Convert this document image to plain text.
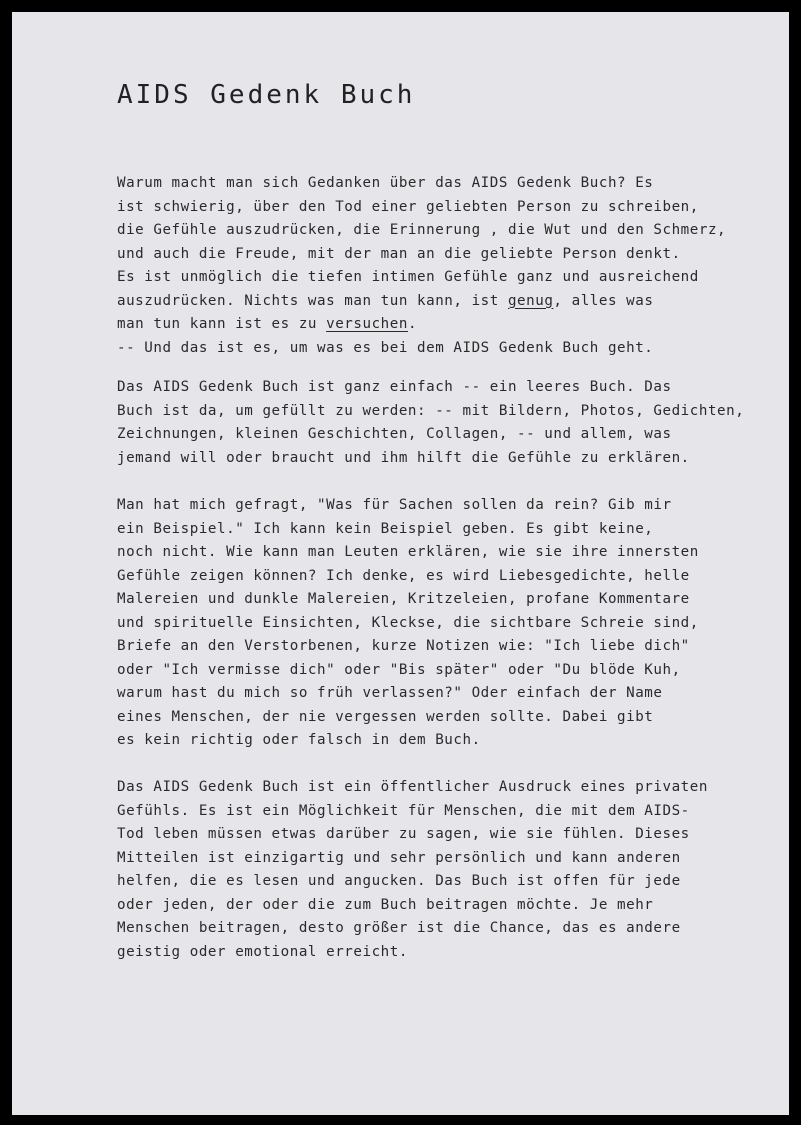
AIDS Gedenk Buch
Warum macht man sich Gedanken über das AIDS Gedenk Buch? Es
ist schwierig, über den Tod einer geliebten Person zu schreiben,
die Gefühle auszudrücken, die Erinnerung , die Wut und den Schmerz,
und auch die Freude, mit der man an die geliebte Person denkt.
Es ist unmöglich die tiefen intimen Gefühle ganz und ausreichend
auszudrücken. Nichts was man tun kann, ist genug, alles was
man tun kann ist es zu versuchen.
-- Und das ist es, um was es bei dem AIDS Gedenk Buch geht.
Das AIDS Gedenk Buch ist ganz einfach -- ein leeres Buch. Das
Buch ist da, um gefüllt zu werden: -- mit Bildern, Photos, Gedichten,
Zeichnungen, kleinen Geschichten, Collagen, -- und allem, was
jemand will oder braucht und ihm hilft die Gefühle zu erklären.
Man hat mich gefragt, "Was für Sachen sollen da rein? Gib mir
ein Beispiel." Ich kann kein Beispiel geben. Es gibt keine,
noch nicht. Wie kann man Leuten erklären, wie sie ihre innersten
Gefühle zeigen können? Ich denke, es wird Liebesgedichte, helle
Malereien und dunkle Malereien, Kritzeleien, profane Kommentare
und spirituelle Einsichten, Kleckse, die sichtbare Schreie sind,
Briefe an den Verstorbenen, kurze Notizen wie: "Ich liebe dich"
oder "Ich vermisse dich" oder "Bis später" oder "Du blöde Kuh,
warum hast du mich so früh verlassen?" Oder einfach der Name
eines Menschen, der nie vergessen werden sollte. Dabei gibt
es kein richtig oder falsch in dem Buch.
Das AIDS Gedenk Buch ist ein öffentlicher Ausdruck eines privaten
Gefühls. Es ist ein Möglichkeit für Menschen, die mit dem AIDS-
Tod leben müssen etwas darüber zu sagen, wie sie fühlen. Dieses
Mitteilen ist einzigartig und sehr persönlich und kann anderen
helfen, die es lesen und angucken. Das Buch ist offen für jede
oder jeden, der oder die zum Buch beitragen möchte. Je mehr
Menschen beitragen, desto größer ist die Chance, das es andere
geistig oder emotional erreicht.
